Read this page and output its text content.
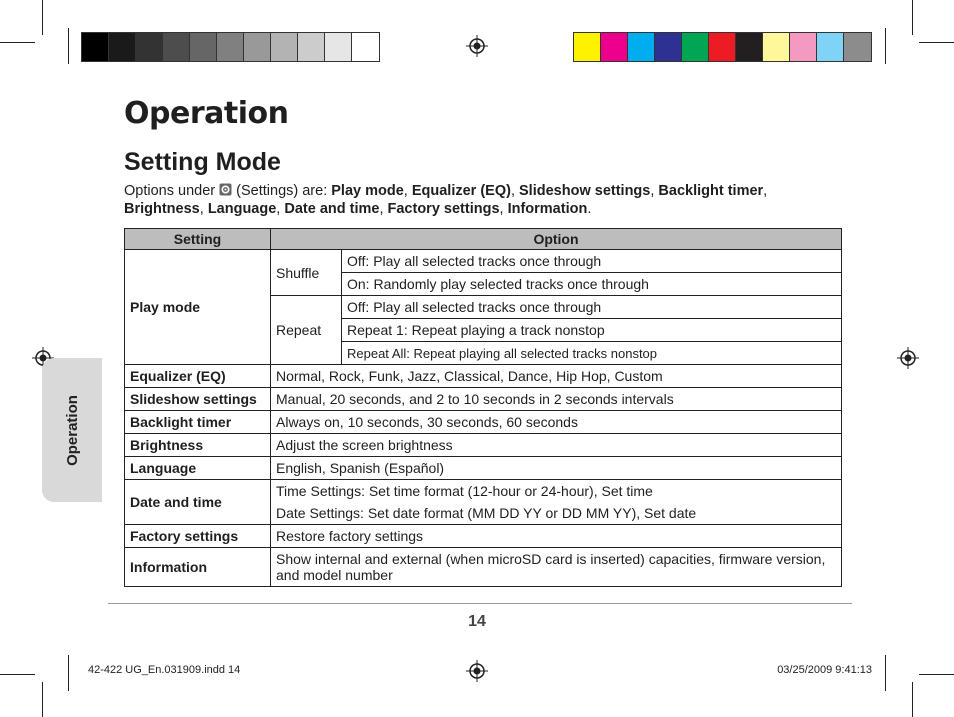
Operation
Operation
Setting Mode
Options under  (Settings) are: Play mode, Equalizer (EQ), Slideshow settings, Backlight timer, Brightness, Language, Date and time, Factory settings, Information.
Setting	Option	
Play mode	Shuffle	Off: Play all selected tracks once through
		On: Randomly play selected tracks once through
	Repeat	Off: Play all selected tracks once through
		Repeat 1: Repeat playing a track nonstop
		Repeat All: Repeat playing all selected tracks nonstop
Equalizer (EQ)	Normal, Rock, Funk, Jazz, Classical, Dance, Hip Hop, Custom	
Slideshow settings	Manual, 20 seconds, and 2 to 10 seconds in 2 seconds intervals	
Backlight timer	Always on, 10 seconds, 30 seconds, 60 seconds	
Brightness	Adjust the screen brightness	
Language	English, Spanish (Español)	
Date and time	Time Settings: Set time format (12-hour or 24-hour), Set time	
	Date Settings: Set date format (MM DD YY or DD MM YY), Set date	
Factory settings	Restore factory settings	
Information	Show internal and external (when microSD card is inserted) capacities, firmware version, and model number	
14
42-422 UG_En.031909.indd 14	03/25/2009 9:41:13
